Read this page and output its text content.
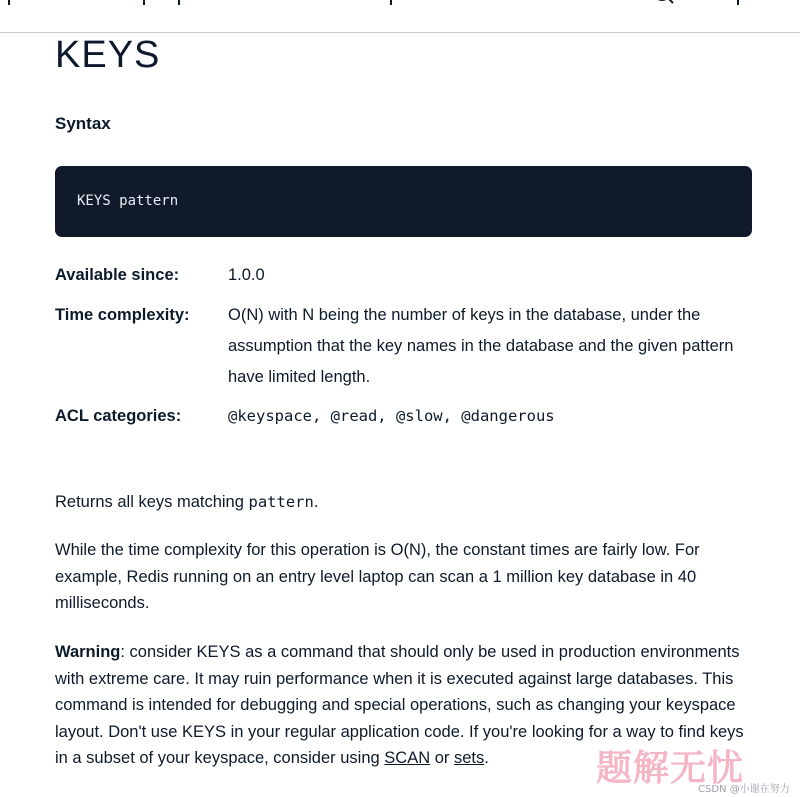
KEYS
Syntax
KEYS pattern
Available since:	1.0.0
Time complexity: O(N) with N being the number of keys in the database, under the assumption that the key names in the database and the given pattern have limited length.
ACL categories:	@keyspace, @read, @slow, @dangerous
Returns all keys matching pattern.
While the time complexity for this operation is O(N), the constant times are fairly low. For example, Redis running on an entry level laptop can scan a 1 million key database in 40 milliseconds.
Warning: consider KEYS as a command that should only be used in production environments with extreme care. It may ruin performance when it is executed against large databases. This command is intended for debugging and special operations, such as changing your keyspace layout. Don't use KEYS in your regular application code. If you're looking for a way to find keys in a subset of your keyspace, consider using SCAN or sets.	题解无忧
CSDN @小谢在努力
